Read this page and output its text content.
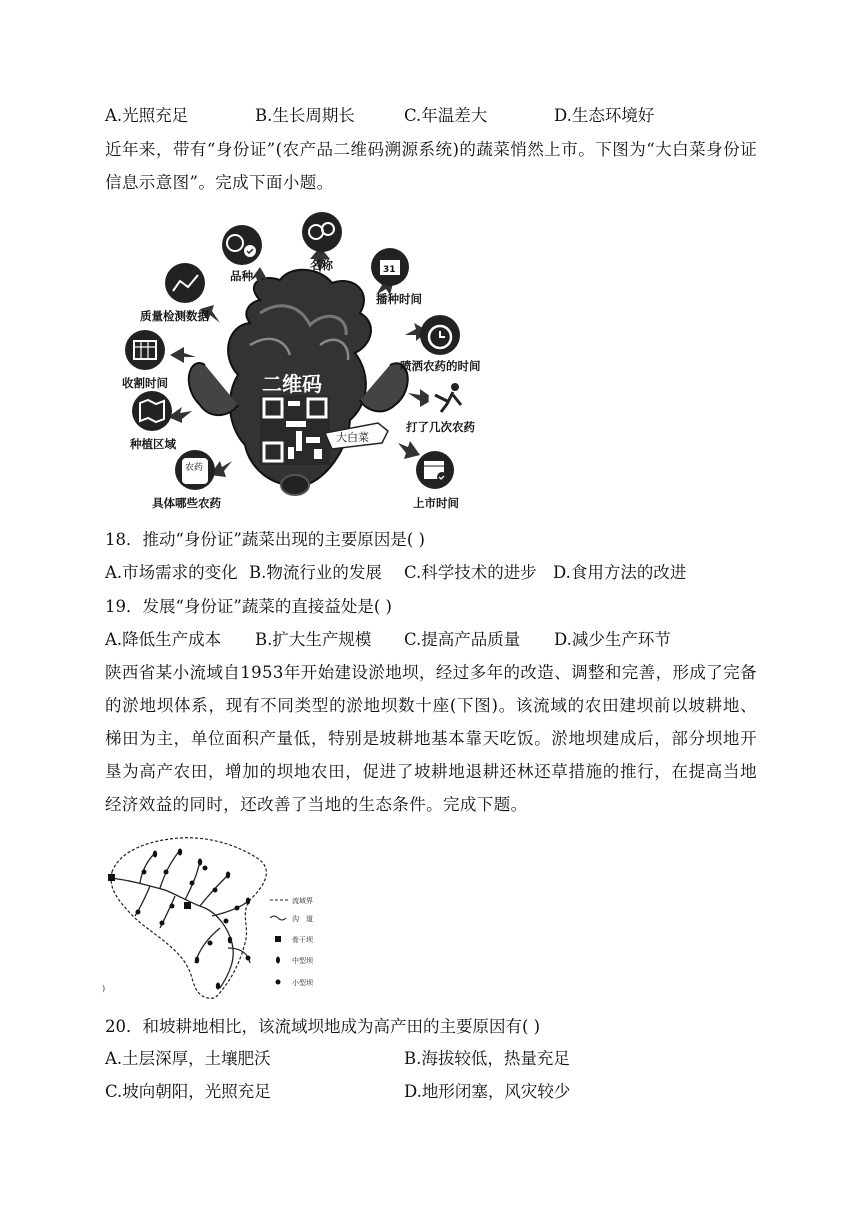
A.光照充足	B.生长周期长	C.年温差大	D.生态环境好
近年来，带有“身份证”(农产品二维码溯源系统)的蔬菜悄然上市。下图为“大白菜身份证信息示意图”。完成下面小题。
二维码
大白菜
品种
名称	31
播种时间
质量检测数据
喷洒农药的时间
收割时间
打了几次农药
种植区域
上市时间
农药
具体哪些农药
18．推动“身份证”蔬菜出现的主要原因是( )
A.市场需求的变化 B.物流行业的发展 C.科学技术的进步 D.食用方法的改进
19．发展“身份证”蔬菜的直接益处是( )
A.降低生产成本 B.扩大生产规模 C.提高产品质量 D.减少生产环节
陕西省某小流域自1953年开始建设淤地坝，经过多年的改造、调整和完善，形成了完备的淤地坝体系，现有不同类型的淤地坝数十座(下图)。该流域的农田建坝前以坡耕地、梯田为主，单位面积产量低，特别是坡耕地基本靠天吃饭。淤地坝建成后，部分坝地开垦为高产农田，增加的坝地农田，促进了坡耕地退耕还林还草措施的推行，在提高当地经济效益的同时，还改善了当地的生态条件。完成下题。
)
流域界
沟　道
骨干坝
中型坝
小型坝
20．和坡耕地相比，该流域坝地成为高产田的主要原因有( )
A.土层深厚，土壤肥沃	B.海拔较低，热量充足
C.坡向朝阳，光照充足	D.地形闭塞，风灾较少
